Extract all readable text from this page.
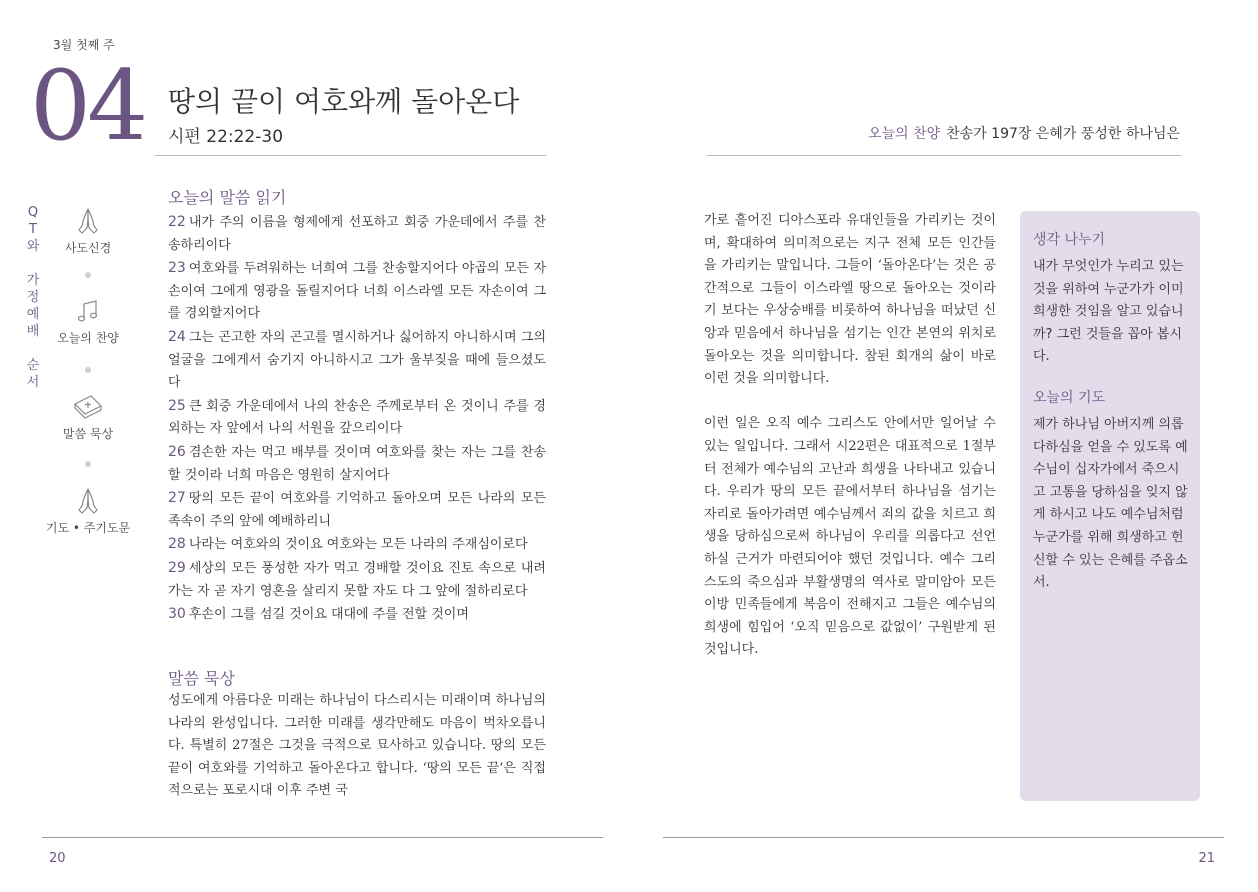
3월 첫째 주
04 땅의 끝이 여호와께 돌아온다
시편 22:22-30	오늘의 찬양 찬송가 197장 은혜가 풍성한 하나님은
Q
T
와
가
정
예
배
순
서
사도신경
오늘의 찬양
말씀 묵상
기도 • 주기도문
오늘의 말씀 읽기
22 내가 주의 이름을 형제에게 선포하고 회중 가운데에서 주를 찬송하리이다
23 여호와를 두려워하는 너희여 그를 찬송할지어다 야곱의 모든 자손이여 그에게 영광을 돌릴지어다 너희 이스라엘 모든 자손이여 그를 경외할지어다
24 그는 곤고한 자의 곤고를 멸시하거나 싫어하지 아니하시며 그의 얼굴을 그에게서 숨기지 아니하시고 그가 울부짖을 때에 들으셨도다
25 큰 회중 가운데에서 나의 찬송은 주께로부터 온 것이니 주를 경외하는 자 앞에서 나의 서원을 갚으리이다
26 겸손한 자는 먹고 배부를 것이며 여호와를 찾는 자는 그를 찬송할 것이라 너희 마음은 영원히 살지어다
27 땅의 모든 끝이 여호와를 기억하고 돌아오며 모든 나라의 모든 족속이 주의 앞에 예배하리니
28 나라는 여호와의 것이요 여호와는 모든 나라의 주재심이로다
29 세상의 모든 풍성한 자가 먹고 경배할 것이요 진토 속으로 내려가는 자 곧 자기 영혼을 살리지 못할 자도 다 그 앞에 절하리로다
30 후손이 그를 섬길 것이요 대대에 주를 전할 것이며
말씀 묵상
성도에게 아름다운 미래는 하나님이 다스리시는 미래이며 하나님의 나라의 완성입니다. 그러한 미래를 생각만해도 마음이 벅차오릅니다. 특별히 27절은 그것을 극적으로 묘사하고 있습니다. 땅의 모든 끝이 여호와를 기억하고 돌아온다고 합니다. ‘땅의 모든 끝’은 직접적으로는 포로시대 이후 주변 국

가로 흩어진 디아스포라 유대인들을 가리키는 것이며, 확대하여 의미적으로는 지구 전체 모든 인간들을 가리키는 말입니다. 그들이 ‘돌아온다’는 것은 공간적으로 그들이 이스라엘 땅으로 돌아오는 것이라기 보다는 우상숭배를 비롯하여 하나님을 떠났던 신앙과 믿음에서 하나님을 섬기는 인간 본연의 위치로 돌아오는 것을 의미합니다. 참된 회개의 삶이 바로 이런 것을 의미합니다.

이런 일은 오직 예수 그리스도 안에서만 일어날 수 있는 일입니다. 그래서 시22편은 대표적으로 1절부터 전체가 예수님의 고난과 희생을 나타내고 있습니다. 우리가 땅의 모든 끝에서부터 하나님을 섬기는 자리로 돌아가려면 예수님께서 죄의 값을 치르고 희생을 당하심으로써 하나님이 우리를 의롭다고 선언하실 근거가 마련되어야 했던 것입니다. 예수 그리스도의 죽으심과 부활생명의 역사로 말미암아 모든 이방 민족들에게 복음이 전해지고 그들은 예수님의 희생에 힘입어 ‘오직 믿음으로 값없이’ 구원받게 된 것입니다.

생각 나누기
내가 무엇인가 누리고 있는 것을 위하여 누군가가 이미 희생한 것임을 알고 있습니까? 그런 것들을 꼽아 봅시다.
오늘의 기도
제가 하나님 아버지께 의롭다하심을 얻을 수 있도록 예수님이 십자가에서 죽으시고 고통을 당하심을 잊지 않게 하시고 나도 예수님처럼 누군가를 위해 희생하고 헌신할 수 있는 은혜를 주옵소서.
20	21
